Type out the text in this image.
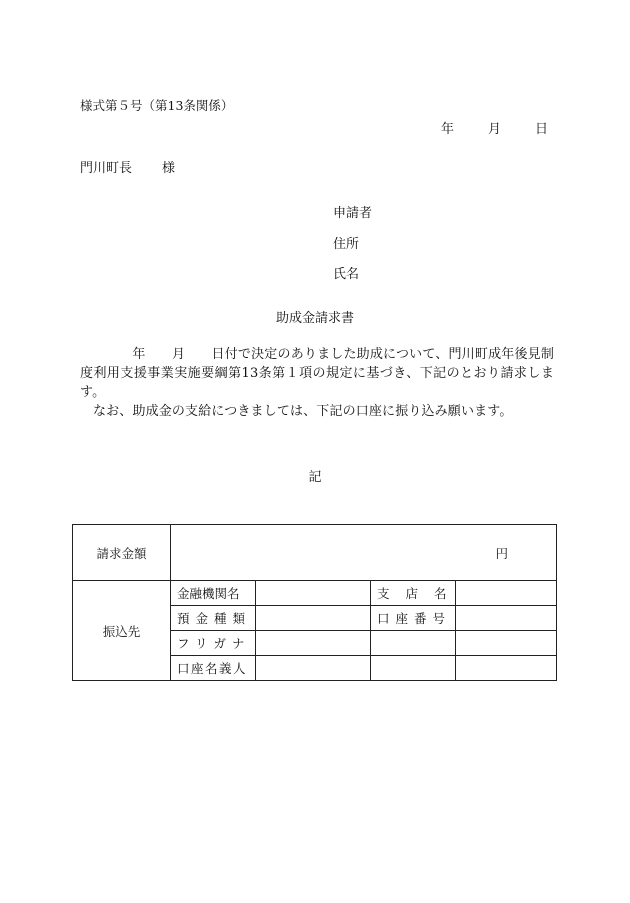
様式第５号（第13条関係）
年	月	日
門川町長 様
申請者
住所
氏名
助成金請求書

　　年　　月　　日付で決定のありました助成について、門川町成年後見制度利用支援事業実施要綱第13条第１項の規定に基づき、下記のとおり請求します。

なお、助成金の支給につきましては、下記の口座に振り込み願います。

記
請求金額	円			
振込先	金融機関名		支 店 名	
	預金種類		口座番号	
	フリガナ			
	口座名義人			
